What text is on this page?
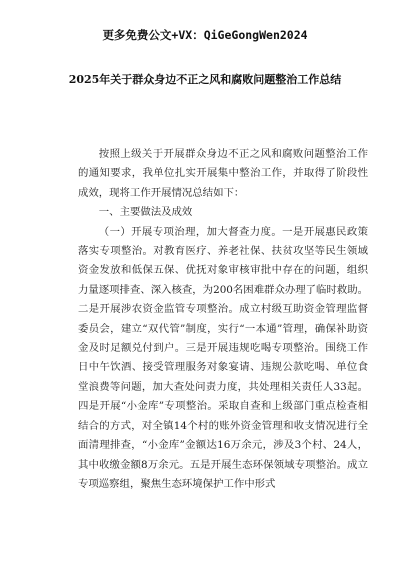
更多免费公文+VX：QiGeGongWen2024
2025年关于群众身边不正之风和腐败问题整治工作总结

按照上级关于开展群众身边不正之风和腐败问题整治工作的通知要求，我单位扎实开展集中整治工作，并取得了阶段性成效，现将工作开展情况总结如下：

一、主要做法及成效

（一）开展专项治理，加大督查力度。一是开展惠民政策落实专项整治。对教育医疗、养老社保、扶贫攻坚等民生领域资金发放和低保五保、优抚对象审核审批中存在的问题，组织力量逐项排查、深入核查，为200名困难群众办理了临时救助。二是开展涉农资金监管专项整治。成立村级互助资金管理监督委员会，建立“双代管”制度，实行“一本通”管理，确保补助资金及时足额兑付到户。三是开展违规吃喝专项整治。围绕工作日中午饮酒、接受管理服务对象宴请、违规公款吃喝、单位食堂浪费等问题，加大查处问责力度，共处理相关责任人33起。四是开展“小金库”专项整治。采取自查和上级部门重点检查相结合的方式，对全镇14个村的账外资金管理和收支情况进行全面清理排查，“小金库”金额达16万余元，涉及3个村、24人，其中收缴金额8万余元。五是开展生态环保领域专项整治。成立专项巡察组，聚焦生态环境保护工作中形式
